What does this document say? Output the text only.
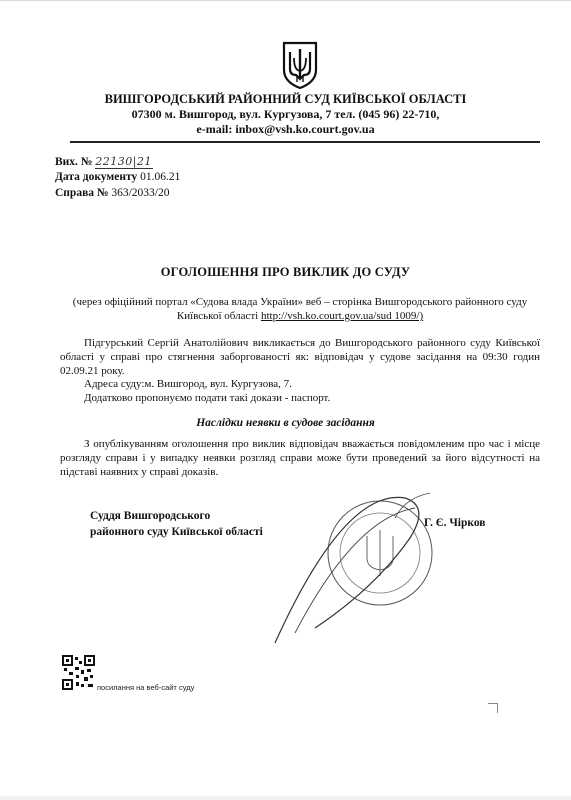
ВИШГОРОДСЬКИЙ РАЙОННИЙ СУД КИЇВСЬКОЇ ОБЛАСТІ
07300 м. Вишгород, вул. Кургузова, 7 тел. (045 96) 22-710,
e-mail: inbox@vsh.ko.court.gov.ua
Вих. № 22130|21
Дата документу 01.06.21
Справа № 363/2033/20
ОГОЛОШЕННЯ ПРО ВИКЛИК ДО СУДУ
(через офіційний портал «Судова влада України» веб – сторінка Вишгородського районного суду Київської області http://vsh.ko.court.gov.ua/sud 1009/)
Підгурський Сергій Анатолійович викликається до Вишгородського районного суду Київської області у справі про стягнення заборгованості як: відповідач у судове засідання на 09:30 годин 02.09.21 року.
Адреса суду:м. Вишгород, вул. Кургузова, 7.
Додатково пропонуємо подати такі докази - паспорт.
Наслідки неявки в судове засідання
З опублікуванням оголошення про виклик відповідач вважається повідомленим про час і місце розгляду справи і у випадку неявки розгляд справи може бути проведений за його відсутності на підставі наявних у справі доказів.
Суддя Вишгородського
районного суду Київської області
Г. Є. Чірков
посилання на веб-сайт суду
